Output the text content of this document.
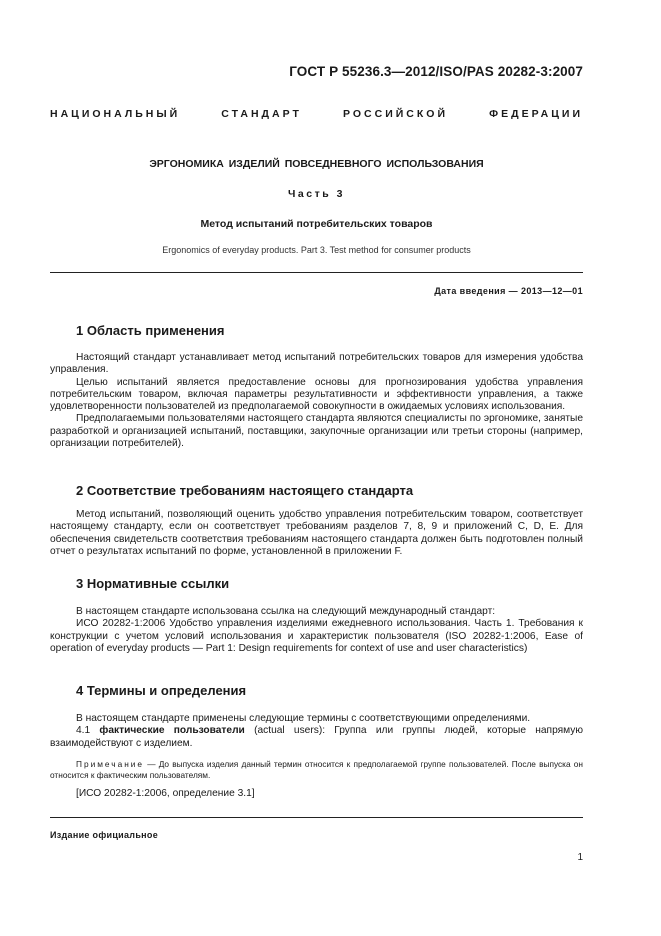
ГОСТ Р 55236.3—2012/ISO/PAS 20282-3:2007
НАЦИОНАЛЬНЫЙ СТАНДАРТ РОССИЙСКОЙ ФЕДЕРАЦИИ
ЭРГОНОМИКА ИЗДЕЛИЙ ПОВСЕДНЕВНОГО ИСПОЛЬЗОВАНИЯ
Часть 3
Метод испытаний потребительских товаров
Ergonomics of everyday products. Part 3. Test method for consumer products
Дата введения — 2013—12—01
1 Область применения

Настоящий стандарт устанавливает метод испытаний потребительских товаров для измерения удобства управления.

Целью испытаний является предоставление основы для прогнозирования удобства управления потребительским товаром, включая параметры результативности и эффективности управления, а также удовлетворенности пользователей из предполагаемой совокупности в ожидаемых условиях использования.

Предполагаемыми пользователями настоящего стандарта являются специалисты по эргономике, занятые разработкой и организацией испытаний, поставщики, закупочные организации или третьи стороны (например, организации потребителей).

2 Соответствие требованиям настоящего стандарта

Метод испытаний, позволяющий оценить удобство управления потребительским товаром, соответствует настоящему стандарту, если он соответствует требованиям разделов 7, 8, 9 и приложений C, D, E. Для обеспечения свидетельств соответствия требованиям настоящего стандарта должен быть подготовлен полный отчет о результатах испытаний по форме, установленной в приложении F.

3 Нормативные ссылки

В настоящем стандарте использована ссылка на следующий международный стандарт:

ИСО 20282-1:2006 Удобство управления изделиями ежедневного использования. Часть 1. Требования к конструкции с учетом условий использования и характеристик пользователя (ISO 20282-1:2006, Ease of operation of everyday products — Part 1: Design requirements for context of use and user characteristics)

4 Термины и определения

В настоящем стандарте применены следующие термины с соответствующими определениями.

4.1 фактические пользователи (actual users): Группа или группы людей, которые напрямую взаимодействуют с изделием.

Примечание — До выпуска изделия данный термин относится к предполагаемой группе пользователей. После выпуска он относится к фактическим пользователям.

[ИСО 20282-1:2006, определение 3.1]
Издание официальное
1
